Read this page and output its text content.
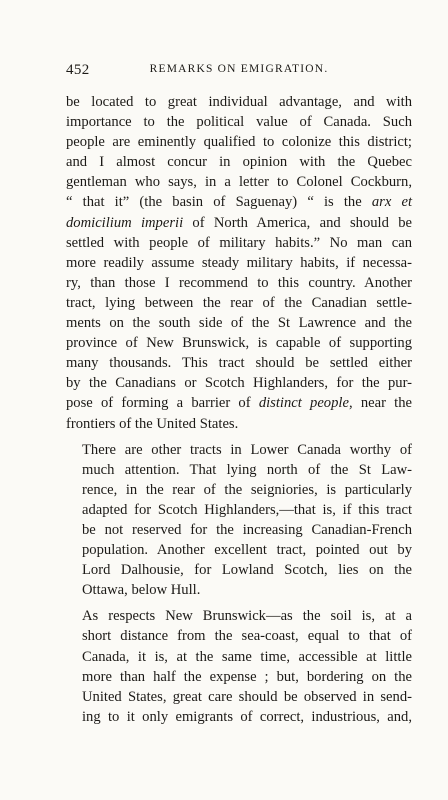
452	REMARKS ON EMIGRATION.

be located to great individual advantage, and with
importance to the political value of Canada. Such
people are eminently qualified to colonize this district;
and I almost concur in opinion with the Quebec
gentleman who says, in a letter to Colonel Cockburn,
“ that it” (the basin of Saguenay) “ is the arx et
domicilium imperii of North America, and should be
settled with people of military habits.” No man can
more readily assume steady military habits, if necessa-
ry, than those I recommend to this country. Another
tract, lying between the rear of the Canadian settle-
ments on the south side of the St Lawrence and the
province of New Brunswick, is capable of supporting
many thousands. This tract should be settled either
by the Canadians or Scotch Highlanders, for the pur-
pose of forming a barrier of distinct people, near the
frontiers of the United States.

There are other tracts in Lower Canada worthy of
much attention. That lying north of the St Law-
rence, in the rear of the seigniories, is particularly
adapted for Scotch Highlanders,—that is, if this tract
be not reserved for the increasing Canadian-French
population. Another excellent tract, pointed out by
Lord Dalhousie, for Lowland Scotch, lies on the
Ottawa, below Hull.

As respects New Brunswick—as the soil is, at a
short distance from the sea-coast, equal to that of
Canada, it is, at the same time, accessible at little
more than half the expense ; but, bordering on the
United States, great care should be observed in send-
ing to it only emigrants of correct, industrious, and,
